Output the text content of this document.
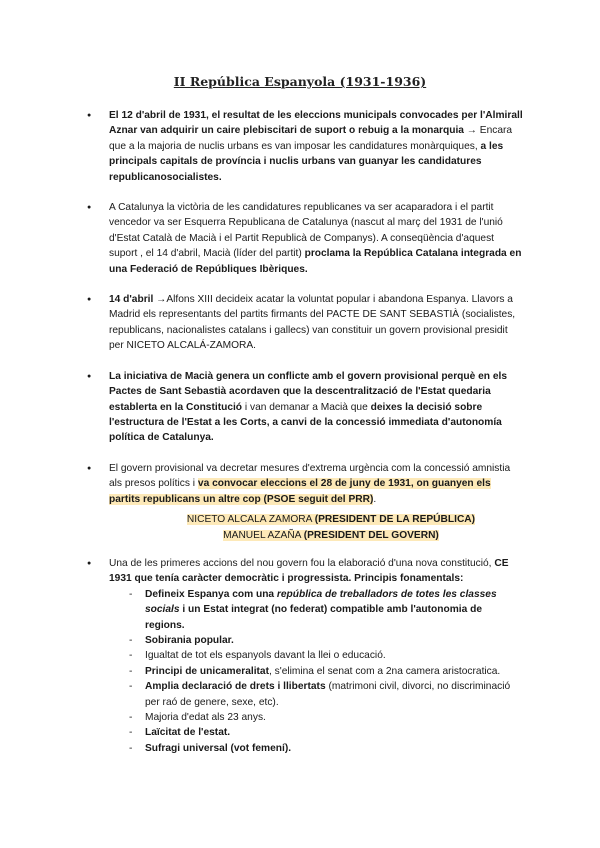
II República Espanyola (1931-1936)
● El 12 d'abril de 1931, el resultat de les eleccions municipals convocades per l'Almirall Aznar van adquirir un caire plebiscitari de suport o rebuig a la monarquia → Encara que a la majoria de nuclis urbans es van imposar les candidatures monàrquiques, a les principals capitals de província i nuclis urbans van guanyar les candidatures republicanosocialistes.
● A Catalunya la victòria de les candidatures republicanes va ser acaparadora i el partit vencedor va ser Esquerra Republicana de Catalunya (nascut al març del 1931 de l'unió d'Estat Català de Macià i el Partit Republicà de Companys). A conseqüència d'aquest suport , el 14 d'abril, Macià (líder del partit) proclama la República Catalana integrada en una Federació de Repúbliques Ibèriques.
● 14 d'abril →Alfons XIII decideix acatar la voluntat popular i abandona Espanya. Llavors a Madrid els representants del partits firmants del PACTE DE SANT SEBASTIÀ (socialistes, republicans, nacionalistes catalans i gallecs) van constituir un govern provisional presidit per NICETO ALCALÁ-ZAMORA.
● La iniciativa de Macià genera un conflicte amb el govern provisional perquè en els Pactes de Sant Sebastià acordaven que la descentralització de l'Estat quedaria establerta en la Constitució i van demanar a Macià que deixes la decisió sobre l'estructura de l'Estat a les Corts, a canvi de la concessió immediata d'autonomía política de Catalunya.
● El govern provisional va decretar mesures d'extrema urgència com la concessió amnistia als presos polítics i va convocar eleccions el 28 de juny de 1931, on guanyen els partits republicans un altre cop (PSOE seguit del PRR).
NICETO ALCALA ZAMORA (PRESIDENT DE LA REPÚBLICA)
MANUEL AZAÑA (PRESIDENT DEL GOVERN)
● Una de les primeres accions del nou govern fou la elaboració d'una nova constitució, CE 1931 que tenía caràcter democràtic i progressista. Principis fonamentals:
- Defineix Espanya com una república de treballadors de totes les classes socials i un Estat integrat (no federat) compatible amb l'autonomia de regions.
- Sobirania popular.
- Igualtat de tot els espanyols davant la llei o educació.
- Principi de unicameralitat, s'elimina el senat com a 2na camera aristocratica.
- Amplia declaració de drets i llibertats (matrimoni civil, divorci, no discriminació per raó de genere, sexe, etc).
- Majoria d'edat als 23 anys.
- Laïcitat de l'estat.
- Sufragi universal (vot femení).
